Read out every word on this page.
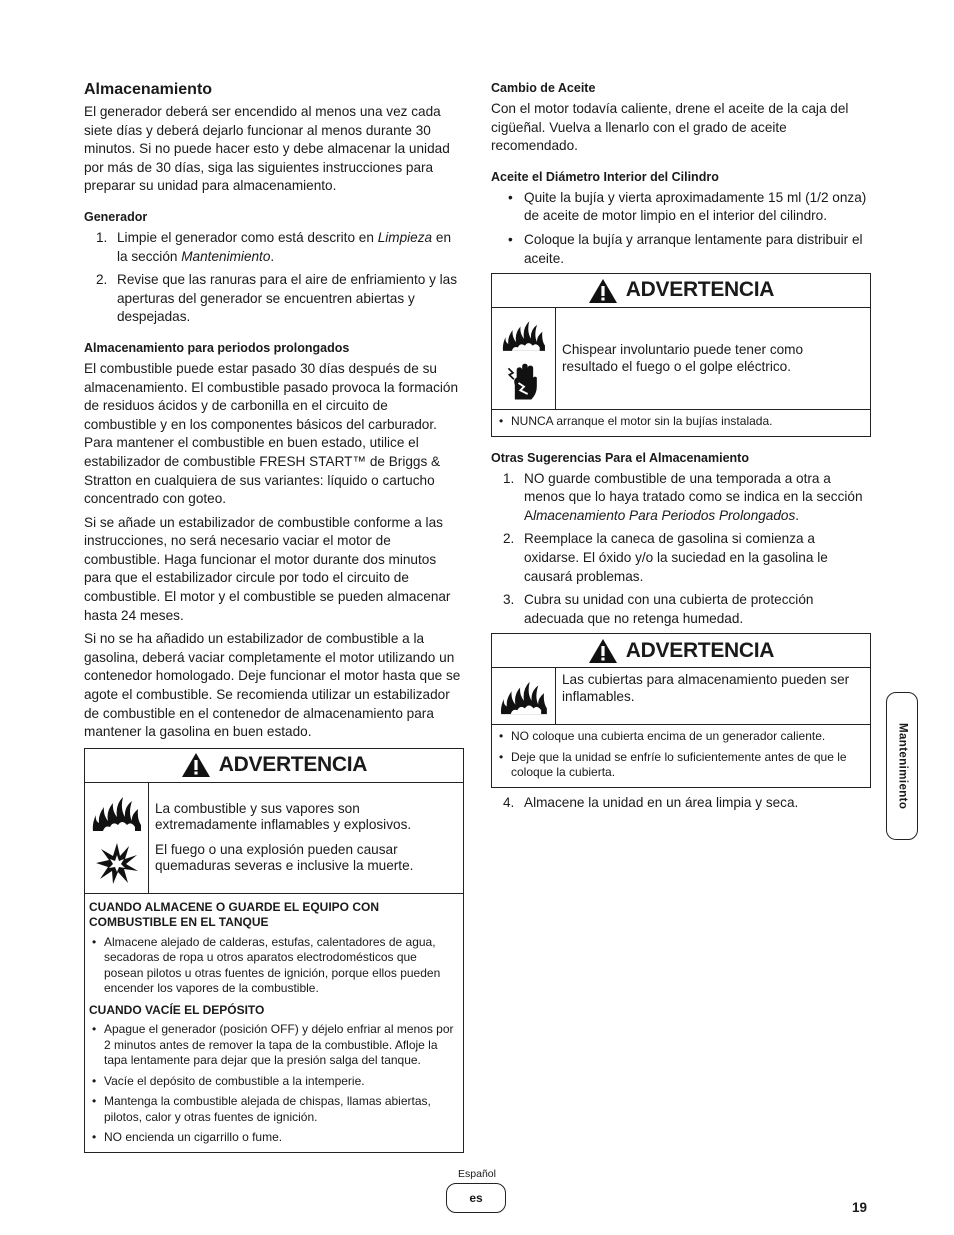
Almacenamiento

El generador deberá ser encendido al menos una vez cada siete días y deberá dejarlo funcionar al menos durante 30 minutos. Si no puede hacer esto y debe almacenar la unidad por más de 30 días, siga las siguientes instrucciones para preparar su unidad para almacenamiento.

Generador
1. Limpie el generador como está descrito en Limpieza en la sección Mantenimiento.
2. Revise que las ranuras para el aire de enfriamiento y las aperturas del generador se encuentren abiertas y despejadas.
Almacenamiento para periodos prolongados

El combustible puede estar pasado 30 días después de su almacenamiento. El combustible pasado provoca la formación de residuos ácidos y de carbonilla en el circuito de combustible y en los componentes básicos del carburador. Para mantener el combustible en buen estado, utilice el estabilizador de combustible FRESH START™ de Briggs & Stratton en cualquiera de sus variantes: líquido o cartucho concentrado con goteo.

Si se añade un estabilizador de combustible conforme a las instrucciones, no será necesario vaciar el motor de combustible. Haga funcionar el motor durante dos minutos para que el estabilizador circule por todo el circuito de combustible. El motor y el combustible se pueden almacenar hasta 24 meses.

Si no se ha añadido un estabilizador de combustible a la gasolina, deberá vaciar completamente el motor utilizando un contenedor homologado. Deje funcionar el motor hasta que se agote el combustible. Se recomienda utilizar un estabilizador de combustible en el contenedor de almacenamiento para mantener la gasolina en buen estado.

ADVERTENCIA

La combustible y sus vapores son extremadamente inflamables y explosivos.

El fuego o una explosión pueden causar quemaduras severas e inclusive la muerte.

CUANDO ALMACENE O GUARDE EL EQUIPO CON COMBUSTIBLE EN EL TANQUE
• Almacene alejado de calderas, estufas, calentadores de agua, secadoras de ropa u otros aparatos electrodomésticos que posean pilotos u otras fuentes de ignición, porque ellos pueden encender los vapores de la combustible.
CUANDO VACÍE EL DEPÓSITO
• Apague el generador (posición OFF) y déjelo enfriar al menos por 2 minutos antes de remover la tapa de la combustible. Afloje la tapa lentamente para dejar que la presión salga del tanque.
• Vacíe el depósito de combustible a la intemperie.
• Mantenga la combustible alejada de chispas, llamas abiertas, pilotos, calor y otras fuentes de ignición.
• NO encienda un cigarrillo o fume.
Cambio de Aceite

Con el motor todavía caliente, drene el aceite de la caja del cigüeñal. Vuelva a llenarlo con el grado de aceite recomendado.

Aceite el Diámetro Interior del Cilindro
• Quite la bujía y vierta aproximadamente 15 ml (1/2 onza) de aceite de motor limpio en el interior del cilindro.
• Coloque la bujía y arranque lentamente para distribuir el aceite.
ADVERTENCIA

Chispear involuntario puede tener como resultado el fuego o el golpe eléctrico.

• NUNCA arranque el motor sin la bujías instalada.
Otras Sugerencias Para el Almacenamiento
1. NO guarde combustible de una temporada a otra a menos que lo haya tratado como se indica en la sección Almacenamiento Para Periodos Prolongados.
2. Reemplace la caneca de gasolina si comienza a oxidarse. El óxido y/o la suciedad en la gasolina le causará problemas.
3. Cubra su unidad con una cubierta de protección adecuada que no retenga humedad.
ADVERTENCIA

Las cubiertas para almacenamiento pueden ser inflamables.

• NO coloque una cubierta encima de un generador caliente.
• Deje que la unidad se enfríe lo suficientemente antes de que le coloque la cubierta.
4. Almacene la unidad en un área limpia y seca.	Mantenimiento
Español
es
19
